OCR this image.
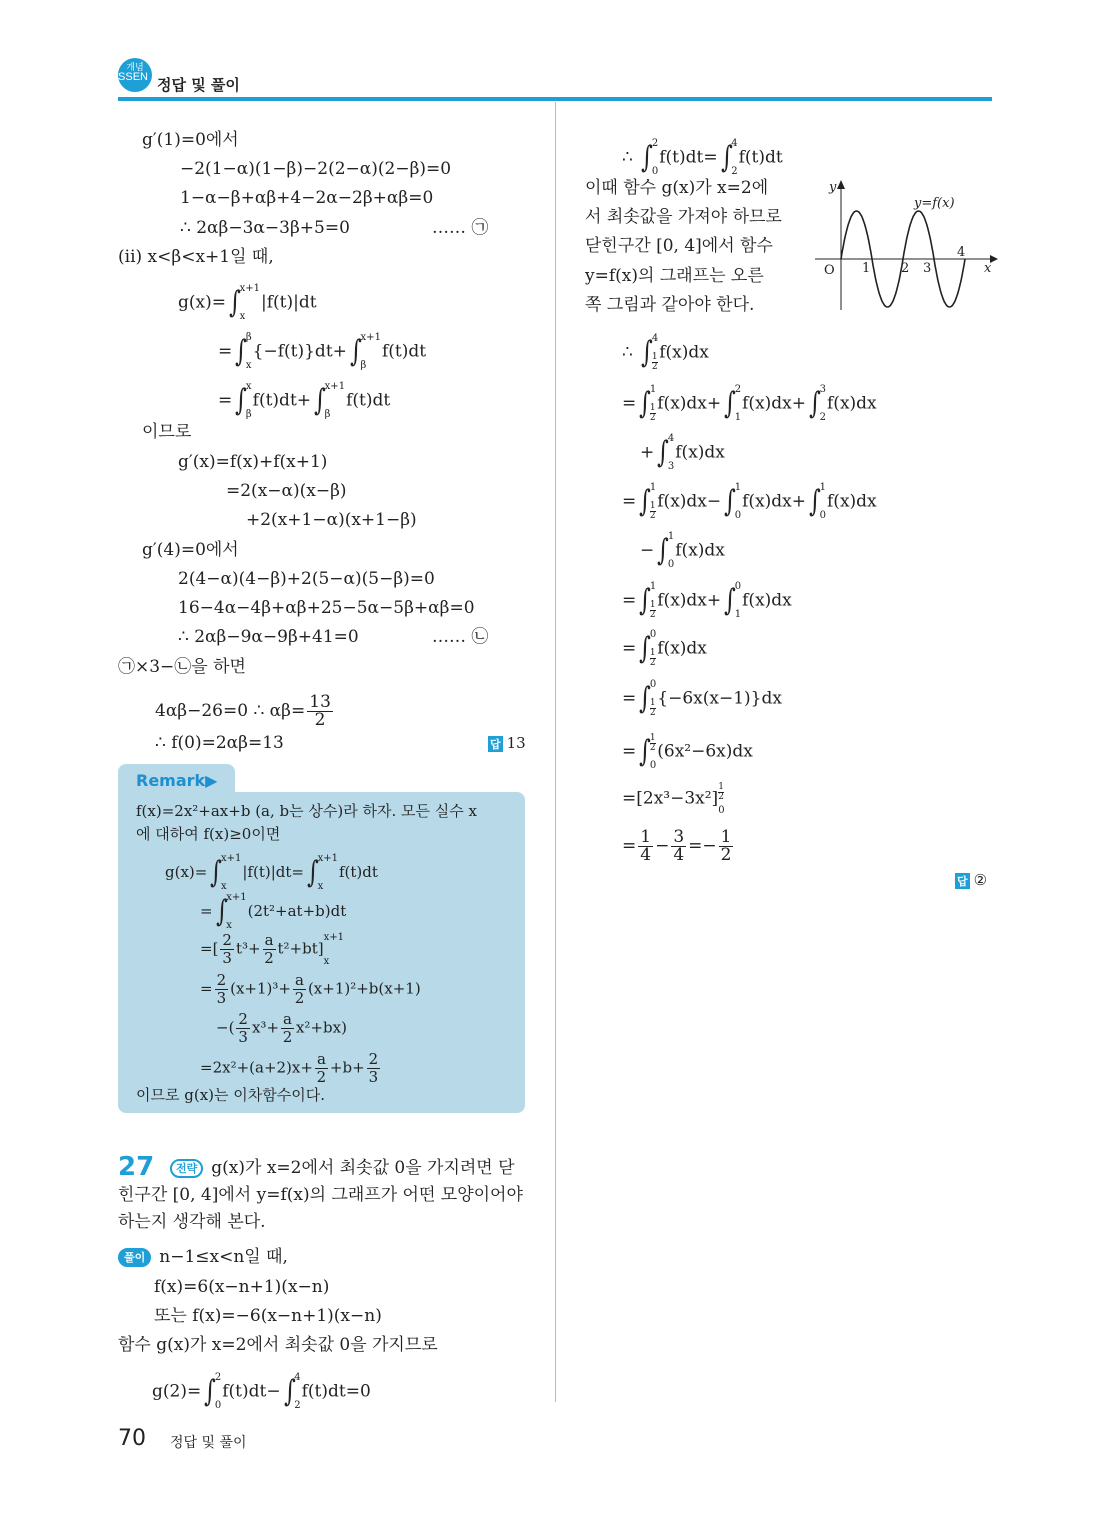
개념
SSEN 정답 및 풀이
g′(1)=0에서
−2(1−α)(1−β)−2(2−α)(2−β)=0
1−α−β+αβ+4−2α−2β+αβ=0
∴ 2αβ−3α−3β+5=0	…… ㉠
(ii) x<β<x+1일 때,
g(x)= ∫
x+1
x
|f(t)|dt
= ∫
β
x
{−f(t)}dt+ ∫
x+1
β
f(t)dt
= ∫
x
β
f(t)dt+ ∫
x+1
β
f(t)dt
이므로
g′(x)=f(x)+f(x+1)
=2(x−α)(x−β)
+2(x+1−α)(x+1−β)
g′(4)=0에서
2(4−α)(4−β)+2(5−α)(5−β)=0
16−4α−4β+αβ+25−5α−5β+αβ=0
∴ 2αβ−9α−9β+41=0	…… ㉡
㉠×3−㉡을 하면
4αβ−26=0 ∴ $\alpha\beta= \frac{13}{2}$
∴ f(0)=2αβ=13	답 13
Remark▶
f(x)=2x²+ax+b (a, b는 상수)라 하자. 모든 실수 x
에 대하여 f(x)≥0이면
g(x)= ∫
x+1
x
|f(t)|dt= ∫
x+1
x
f(t)dt
= ∫
x+1
x
(2t²+at+b)dt
=[ $\frac{2}{3} t^3+ \frac{a}{2} t^2+bt$]
x+1
x
= $\frac{2}{3} (x+1)^3+ \frac{a}{2} (x+1)^2+b(x+1)$
−( $\frac{2}{3} x^3+ \frac{a}{2} x^2+bx$)
$=2x^2+(a+2)x+ \frac{a}{2} +b+ \frac{2}{3}$
이므로 g(x)는 이차함수이다.
27	전략 g(x)가 x=2에서 최솟값 0을 가지려면 닫
힌구간 [0, 4]에서 y=f(x)의 그래프가 어떤 모양이어야
하는지 생각해 본다.
풀이 n−1≤x<n일 때,
f(x)=6(x−n+1)(x−n)
또는 f(x)=−6(x−n+1)(x−n)
함수 g(x)가 x=2에서 최솟값 0을 가지므로
g(2)= ∫
2
0
f(t)dt− ∫
4
2
f(t)dt=0
∴ ∫
2
0
f(t)dt= ∫
4
2
f(t)dt
이때 함수 g(x)가 x=2에
서 최솟값을 가져야 하므로
닫힌구간 [0, 4]에서 함수
y=f(x)의 그래프는 오른
쪽 그림과 같아야 한다.
y
x
O 1 2 3
4
y=f(x)
∴ ∫
4
$\frac{1}{2} f(x)dx$
= ∫
1
$\frac{1}{2} f(x)dx+$ ∫
2
1
f(x)dx+ ∫
3
2
f(x)dx
+ ∫
4
3
f(x)dx
= ∫
1
$\frac{1}{2} f(x)dx-$ ∫
1
0
f(x)dx+ ∫
1
0
f(x)dx
− ∫
1
0
f(x)dx
= ∫
1
$\frac{1}{2} f(x)dx+$ ∫
0
1
f(x)dx
= ∫
0
$\frac{1}{2} f(x)dx$
= ∫
0
$\frac{1}{2} \{-6x(x-1)\}dx$
= ∫
$\frac{1}{2}$
0
(6x²−6x)dx
$=[2x^3-3x^2] \frac{1}{2}$
0
= $\frac{1}{4} - \frac{3}{4} =- \frac{1}{2}$
답 ②
70 정답 및 풀이
